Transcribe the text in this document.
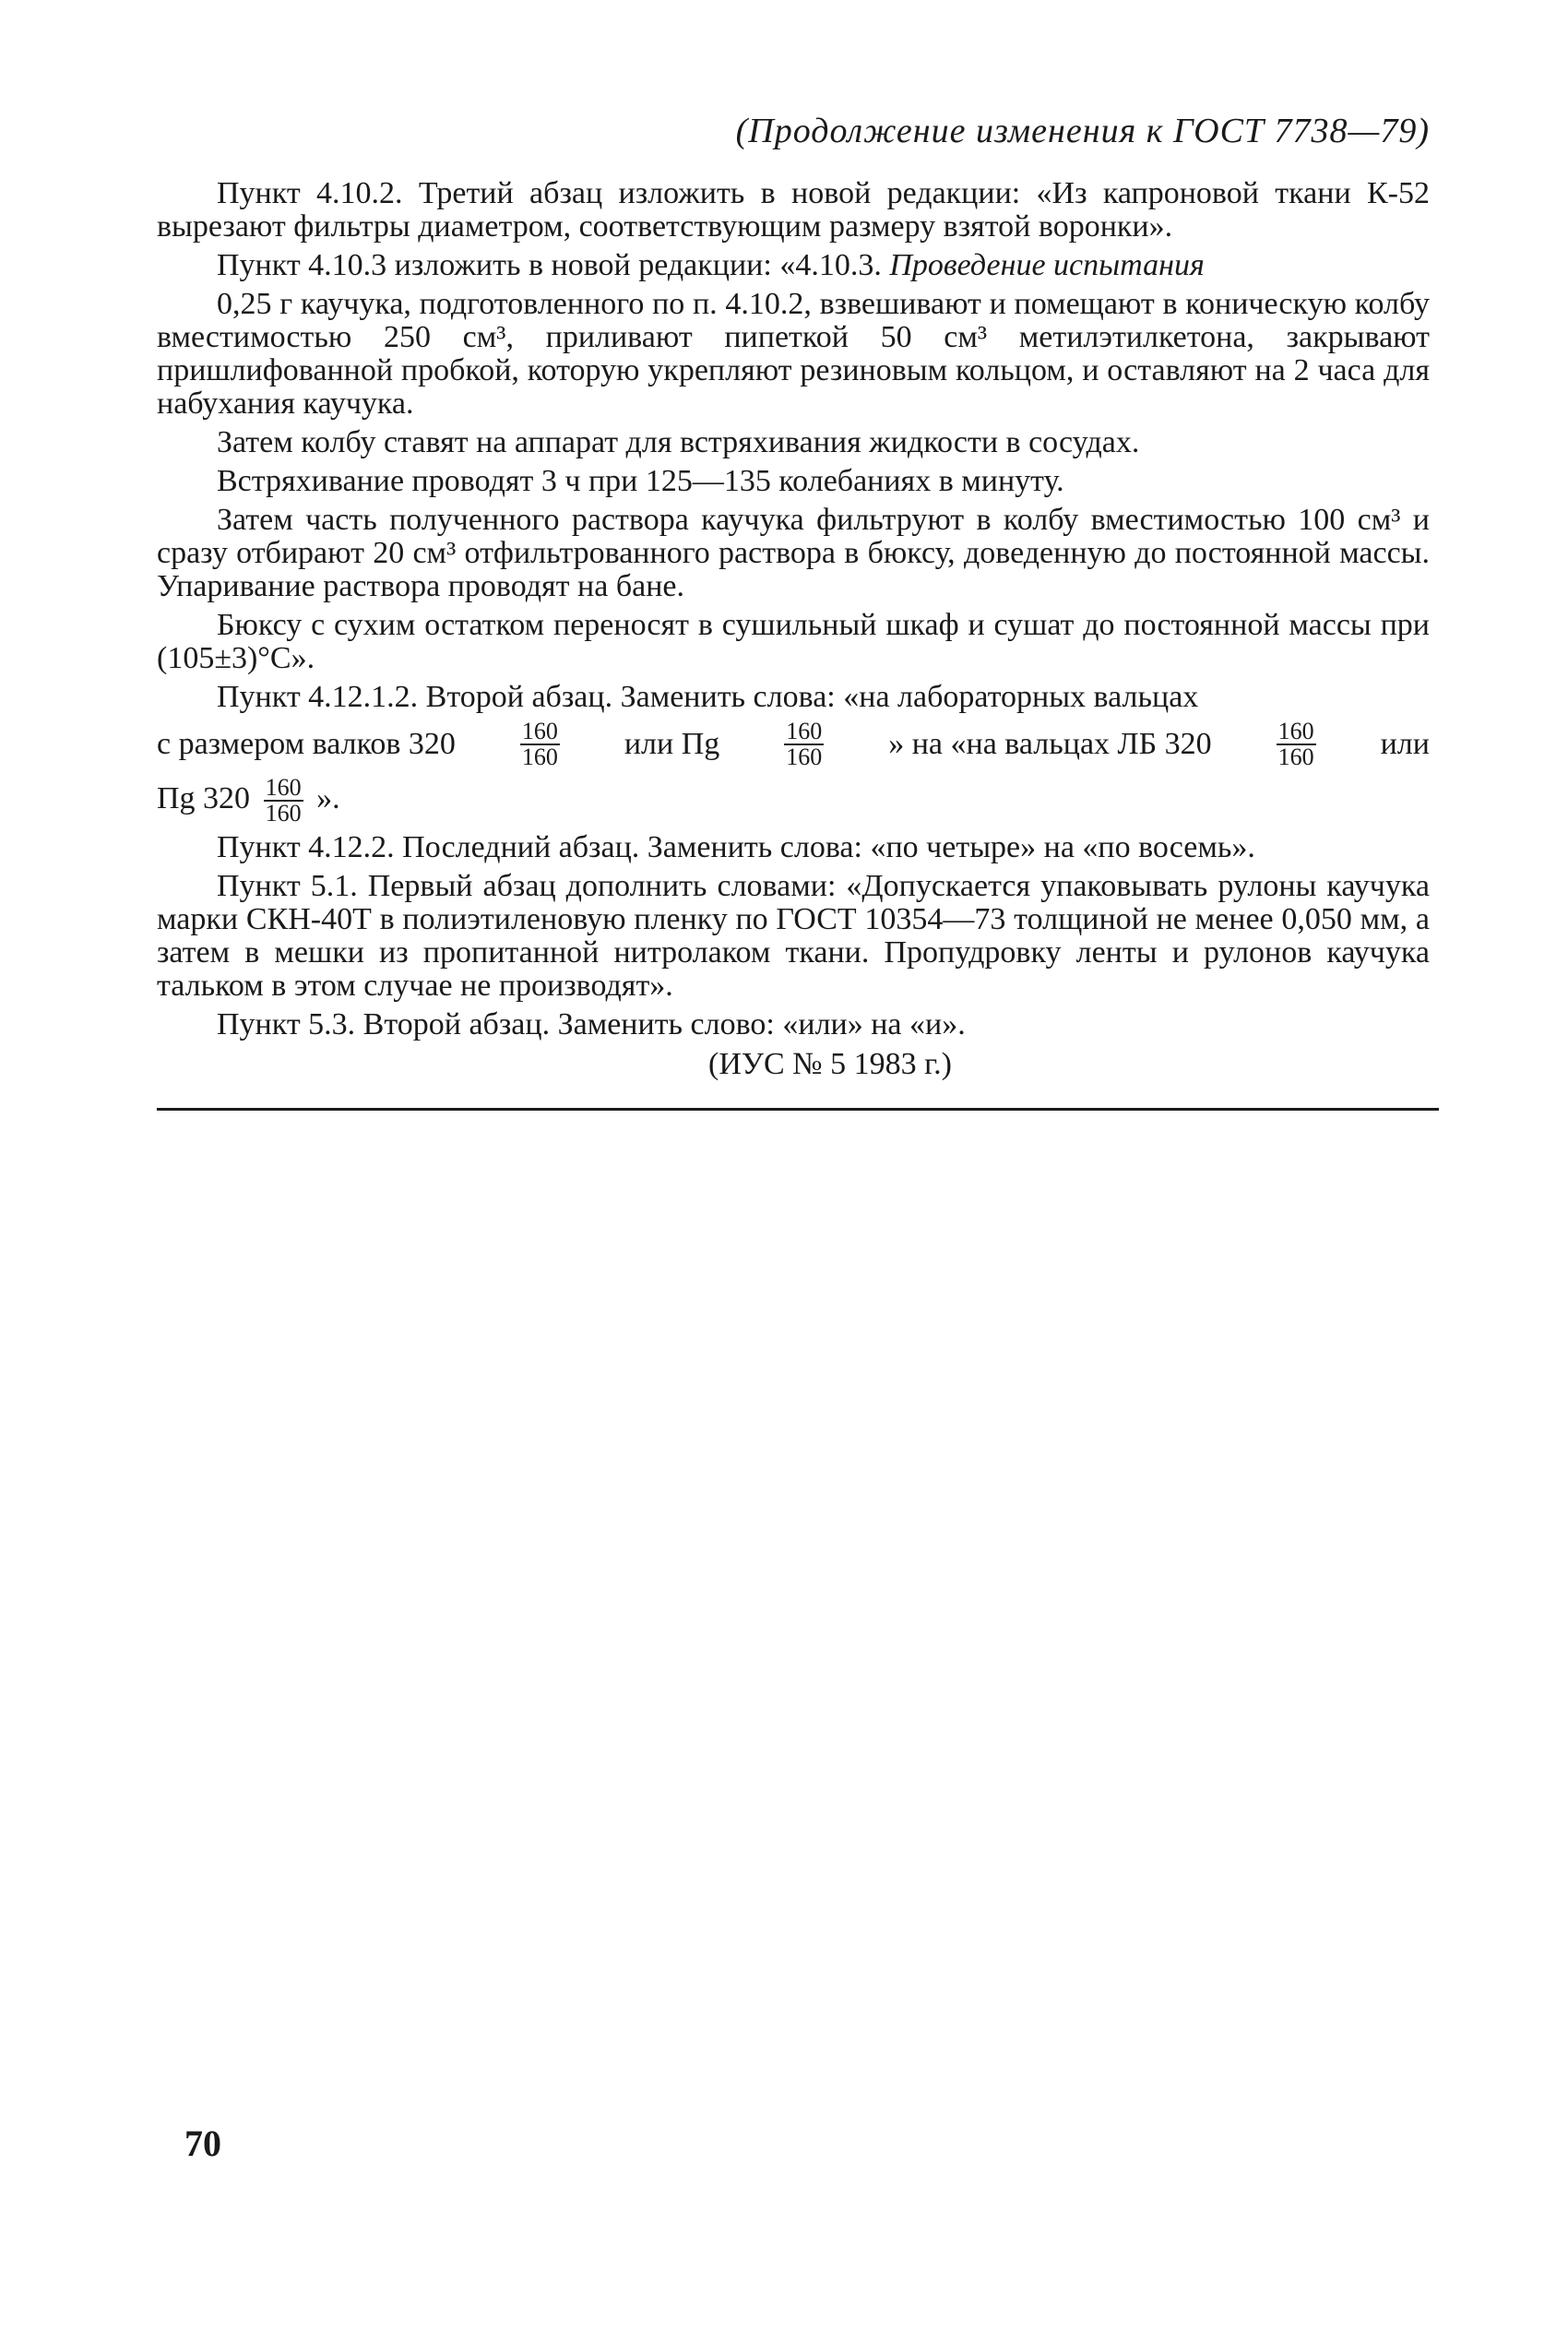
(Продолжение изменения к ГОСТ 7738—79)

Пункт 4.10.2. Третий абзац изложить в новой редакции: «Из капроновой ткани К-52 вырезают фильтры диаметром, соответствующим размеру взятой воронки».

Пункт 4.10.3 изложить в новой редакции: «4.10.3. Проведение испытания

0,25 г каучука, подготовленного по п. 4.10.2, взвешивают и помещают в коническую колбу вместимостью 250 см³, приливают пипеткой 50 см³ метилэтилкетона, закрывают пришлифованной пробкой, которую укрепляют резиновым кольцом, и оставляют на 2 часа для набухания каучука.

Затем колбу ставят на аппарат для встряхивания жидкости в сосудах.

Встряхивание проводят 3 ч при 125—135 колебаниях в минуту.

Затем часть полученного раствора каучука фильтруют в колбу вместимостью 100 см³ и сразу отбирают 20 см³ отфильтрованного раствора в бюксу, доведенную до постоянной массы. Упаривание раствора проводят на бане.

Бюксу с сухим остатком переносят в сушильный шкаф и сушат до постоянной массы при (105±3)°С».

Пункт 4.12.1.2. Второй абзац. Заменить слова: «на лабораторных вальцах

с размером валков 320	$\frac{160}{160}$ или Пg	$\frac{160}{160}$ » на «на вальцах ЛБ 320	$\frac{160}{160}$ или
Пg $320 \frac{160}{160}$ ».

Пункт 4.12.2. Последний абзац. Заменить слова: «по четыре» на «по восемь».

Пункт 5.1. Первый абзац дополнить словами: «Допускается упаковывать рулоны каучука марки СКН-40Т в полиэтиленовую пленку по ГОСТ 10354—73 толщиной не менее 0,050 мм, а затем в мешки из пропитанной нитролаком ткани. Пропудровку ленты и рулонов каучука тальком в этом случае не производят».

Пункт 5.3. Второй абзац. Заменить слово: «или» на «и».

(ИУС № 5 1983 г.)
70
